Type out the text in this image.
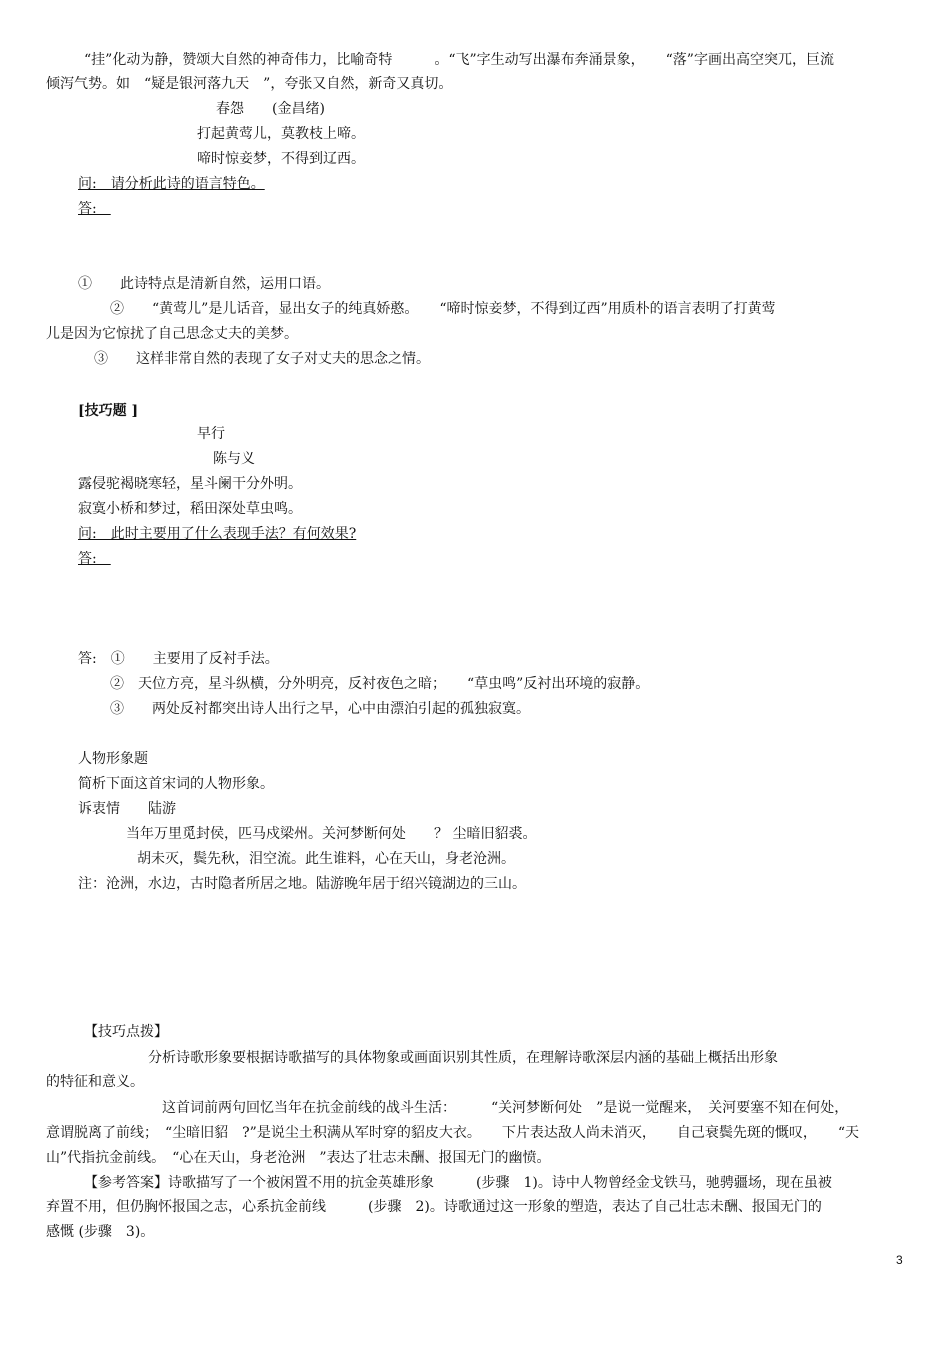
“挂”化动为静，赞颂大自然的神奇伟力，比喻奇特　　　。“飞”字生动写出瀑布奔涌景象，　　“落”字画出高空突兀，巨流
倾泻气势。如　“疑是银河落九天　”，夸张又自然，新奇又真切。
春怨　　(金昌绪)
打起黄莺儿，莫教枝上啼。
啼时惊妾梦，不得到辽西。
问:　请分析此诗的语言特色。
答:　
①　　此诗特点是清新自然，运用口语。
②　　“黄莺儿”是儿话音，显出女子的纯真娇憨。　　“啼时惊妾梦，不得到辽西”用质朴的语言表明了打黄莺
儿是因为它惊扰了自己思念丈夫的美梦。
③　　这样非常自然的表现了女子对丈夫的思念之情。
[技巧题 ]
早行
陈与义
露侵驼褐晓寒轻，星斗阑干分外明。
寂寞小桥和梦过，稻田深处草虫鸣。
问:　此时主要用了什么表现手法？有何效果?
答:　
答:　①　　主要用了反衬手法。
②　天位方亮，星斗纵横，分外明亮，反衬夜色之暗；　　“草虫鸣”反衬出环境的寂静。
③　　两处反衬都突出诗人出行之早，心中由漂泊引起的孤独寂寞。
人物形象题
简析下面这首宋词的人物形象。
诉衷情　　陆游
当年万里觅封侯，匹马戍梁州。关河梦断何处　　？ 尘暗旧貂裘。
胡未灭，鬓先秋，泪空流。此生谁料，心在天山，身老沧洲。
注：沧洲，水边，古时隐者所居之地。陆游晚年居于绍兴镜湖边的三山。
【技巧点拨】
分析诗歌形象要根据诗歌描写的具体物象或画面识别其性质，在理解诗歌深层内涵的基础上概括出形象
的特征和意义。
这首词前两句回忆当年在抗金前线的战斗生活：　　　“关河梦断何处　”是说一觉醒来，　关河要塞不知在何处，
意谓脱离了前线；　“尘暗旧貂　?”是说尘土积满从军时穿的貂皮大衣。　　下片表达敌人尚未消灭，　　自己衰鬓先斑的慨叹，　　“天
山”代指抗金前线。　“心在天山，身老沧洲　”表达了壮志未酬、报国无门的幽愤。
【参考答案】诗歌描写了一个被闲置不用的抗金英雄形象　　　(步骤　1)。诗中人物曾经金戈铁马，驰骋疆场，现在虽被
弃置不用，但仍胸怀报国之志，心系抗金前线　　　(步骤　2)。诗歌通过这一形象的塑造，表达了自己壮志未酬、报国无门的
感慨 (步骤　3)。
3
